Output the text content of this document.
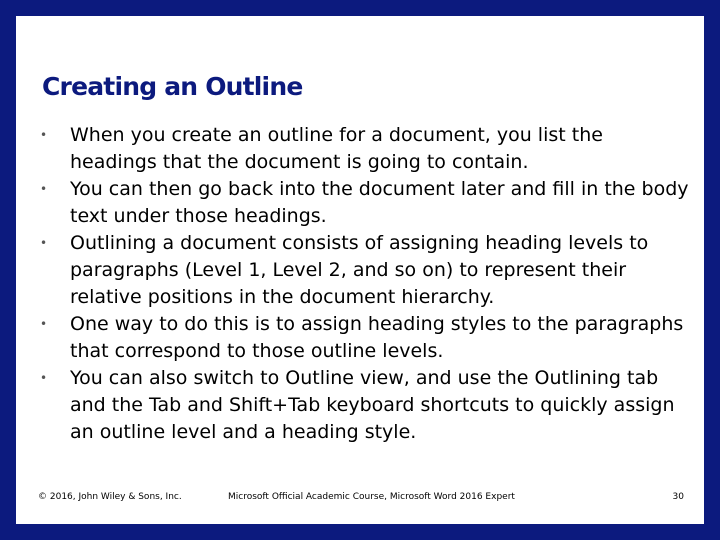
Creating an Outline
•	When you create an outline for a document, you list the headings that the document is going to contain.
•	You can then go back into the document later and fill in the body text under those headings.
•	Outlining a document consists of assigning heading levels to paragraphs (Level 1, Level 2, and so on) to represent their relative positions in the document hierarchy.
•	One way to do this is to assign heading styles to the paragraphs that correspond to those outline levels.
•	You can also switch to Outline view, and use the Outlining tab and the Tab and Shift+Tab keyboard shortcuts to quickly assign an outline level and a heading style.
© 2016, John Wiley & Sons, Inc.	Microsoft Official Academic Course, Microsoft Word 2016 Expert	30
